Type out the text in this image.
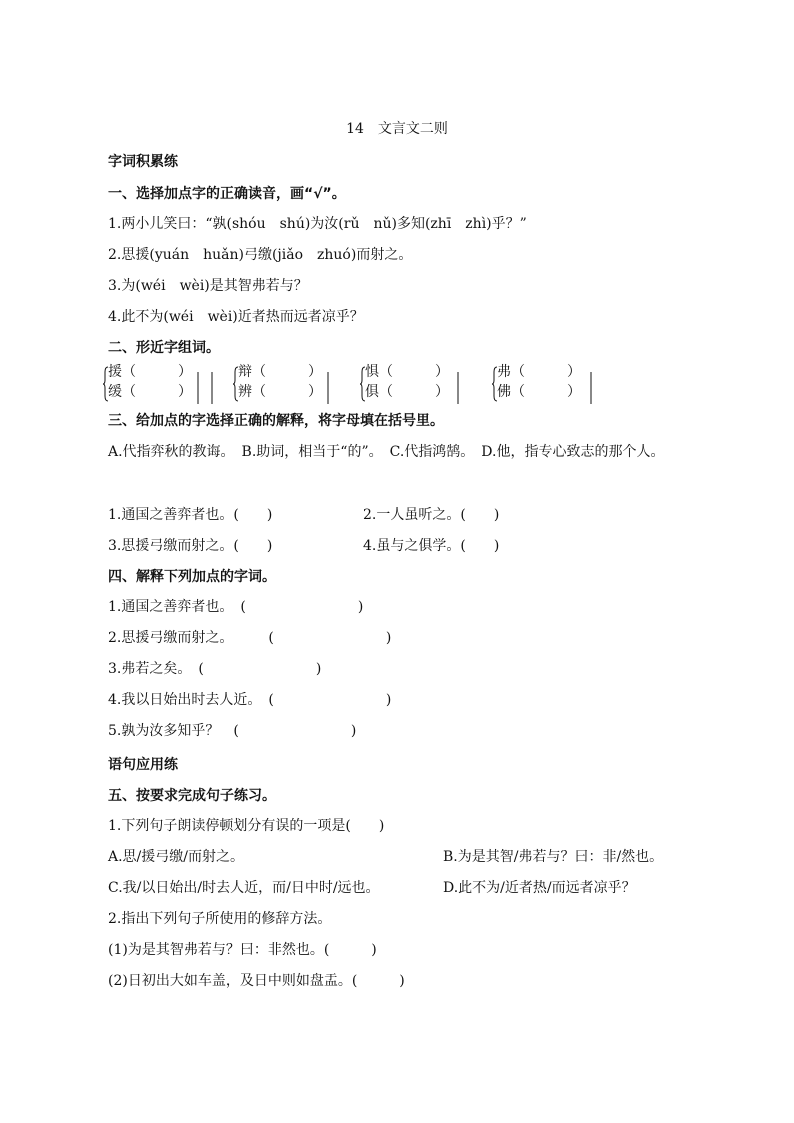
14　文言文二则
字词积累练
一、选择加点字的正确读音，画“√”。
1.两小儿笑曰：“孰(shóu　shú)为汝(rǔ　nǔ)多知(zhī　zhì)乎？”
2.思援(yuán　huǎn)弓缴(jiǎo　zhuó)而射之。
3.为(wéi　wèi)是其智弗若与？
4.此不为(wéi　wèi)近者热而远者凉乎？
二、形近字组词。
援（　　　）
缓（　　　）
辩（　　　）
辨（　　　）
惧（　　　）
俱（　　　）
弗（　　　）
佛（　　　）
三、给加点的字选择正确的解释，将字母填在括号里。
A.代指弈秋的教诲。　B.助词，相当于“的”。　C.代指鸿鹄。　D.他，指专心致志的那个人。
1.通国之善弈者也。(　　)	2.一人虽听之。(　　)
3.思援弓缴而射之。(　　)	4.虽与之俱学。(　　)
四、解释下列加点的字词。
1.通国之善弈者也。　(　　　　　　　　)
2.思援弓缴而射之。　　　(　　　　　　　　)
3.弗若之矣。　(　　　　　　　　)
4.我以日始出时去人近。　(　　　　　　　　)
5.孰为汝多知乎？　(　　　　　　　　)
语句应用练
五、按要求完成句子练习。
1.下列句子朗读停顿划分有误的一项是(　　)
A.思/援弓缴/而射之。	B.为是其智/弗若与？曰：非/然也。
C.我/以日始出/时去人近，而/日中时/远也。	D.此不为/近者热/而远者凉乎？
2.指出下列句子所使用的修辞方法。
(1)为是其智弗若与？曰：非然也。(　　　)
(2)日初出大如车盖，及日中则如盘盂。(　　　)
